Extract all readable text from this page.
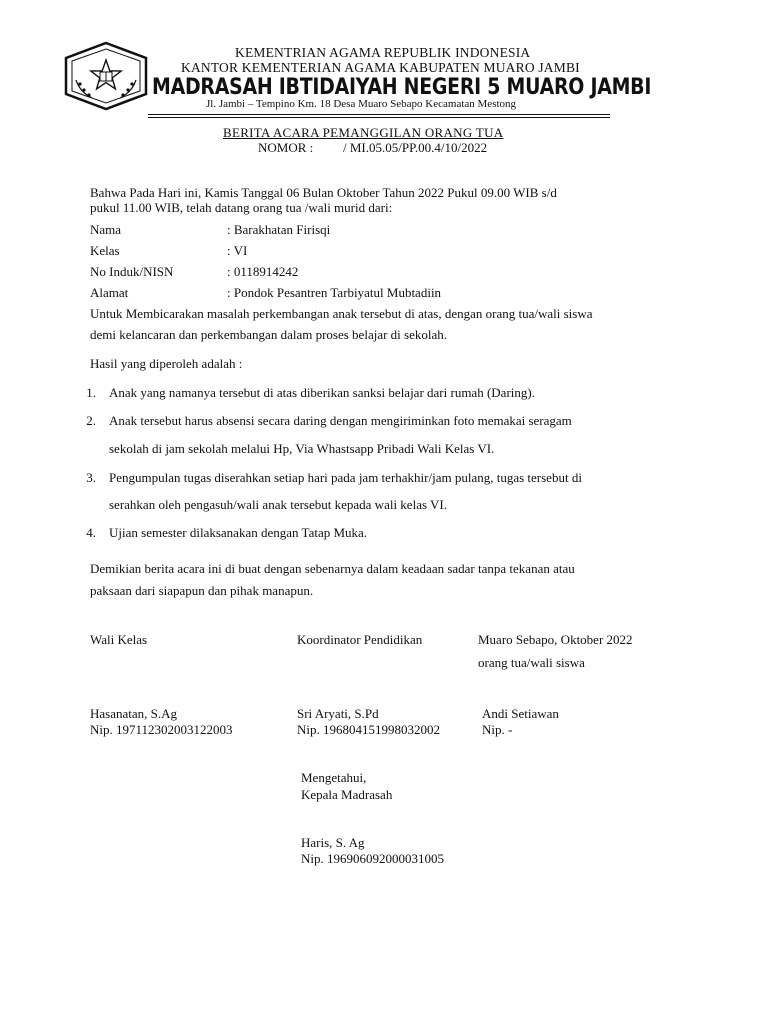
KEMENTRIAN AGAMA REPUBLIK INDONESIA
KANTOR KEMENTERIAN AGAMA KABUPATEN MUARO JAMBI
MADRASAH IBTIDAIYAH NEGERI 5 MUARO JAMBI
Jl. Jambi – Tempino Km. 18 Desa Muaro Sebapo Kecamatan Mestong
BERITA ACARA PEMANGGILAN ORANG TUA
NOMOR : / MI.05.05/PP.00.4/10/2022
Bahwa Pada Hari ini, Kamis Tanggal 06 Bulan Oktober Tahun 2022 Pukul 09.00 WIB s/d
pukul 11.00 WIB, telah datang orang tua /wali murid dari:
Nama	: Barakhatan Firisqi
Kelas	: VI
No Induk/NISN	: 0118914242
Alamat	: Pondok Pesantren Tarbiyatul Mubtadiin
Untuk Membicarakan masalah perkembangan anak tersebut di atas, dengan orang tua/wali siswa
demi kelancaran dan perkembangan dalam proses belajar di sekolah.
Hasil yang diperoleh adalah :
1. Anak yang namanya tersebut di atas diberikan sanksi belajar dari rumah (Daring).
2. Anak tersebut harus absensi secara daring dengan mengiriminkan foto memakai seragam
sekolah di jam sekolah melalui Hp, Via Whastsapp Pribadi Wali Kelas VI.
3. Pengumpulan tugas diserahkan setiap hari pada jam terhakhir/jam pulang, tugas tersebut di
serahkan oleh pengasuh/wali anak tersebut kepada wali kelas VI.
4. Ujian semester dilaksanakan dengan Tatap Muka.
Demikian berita acara ini di buat dengan sebenarnya dalam keadaan sadar tanpa tekanan atau
paksaan dari siapapun dan pihak manapun.
Wali Kelas	Koordinator Pendidikan	Muaro Sebapo, Oktober 2022
orang tua/wali siswa
Hasanatan, S.Ag
Nip. 197112302003122003
Sri Aryati, S.Pd
Nip. 196804151998032002
Andi Setiawan
Nip. -
Mengetahui,
Kepala Madrasah
Haris, S. Ag
Nip. 196906092000031005
